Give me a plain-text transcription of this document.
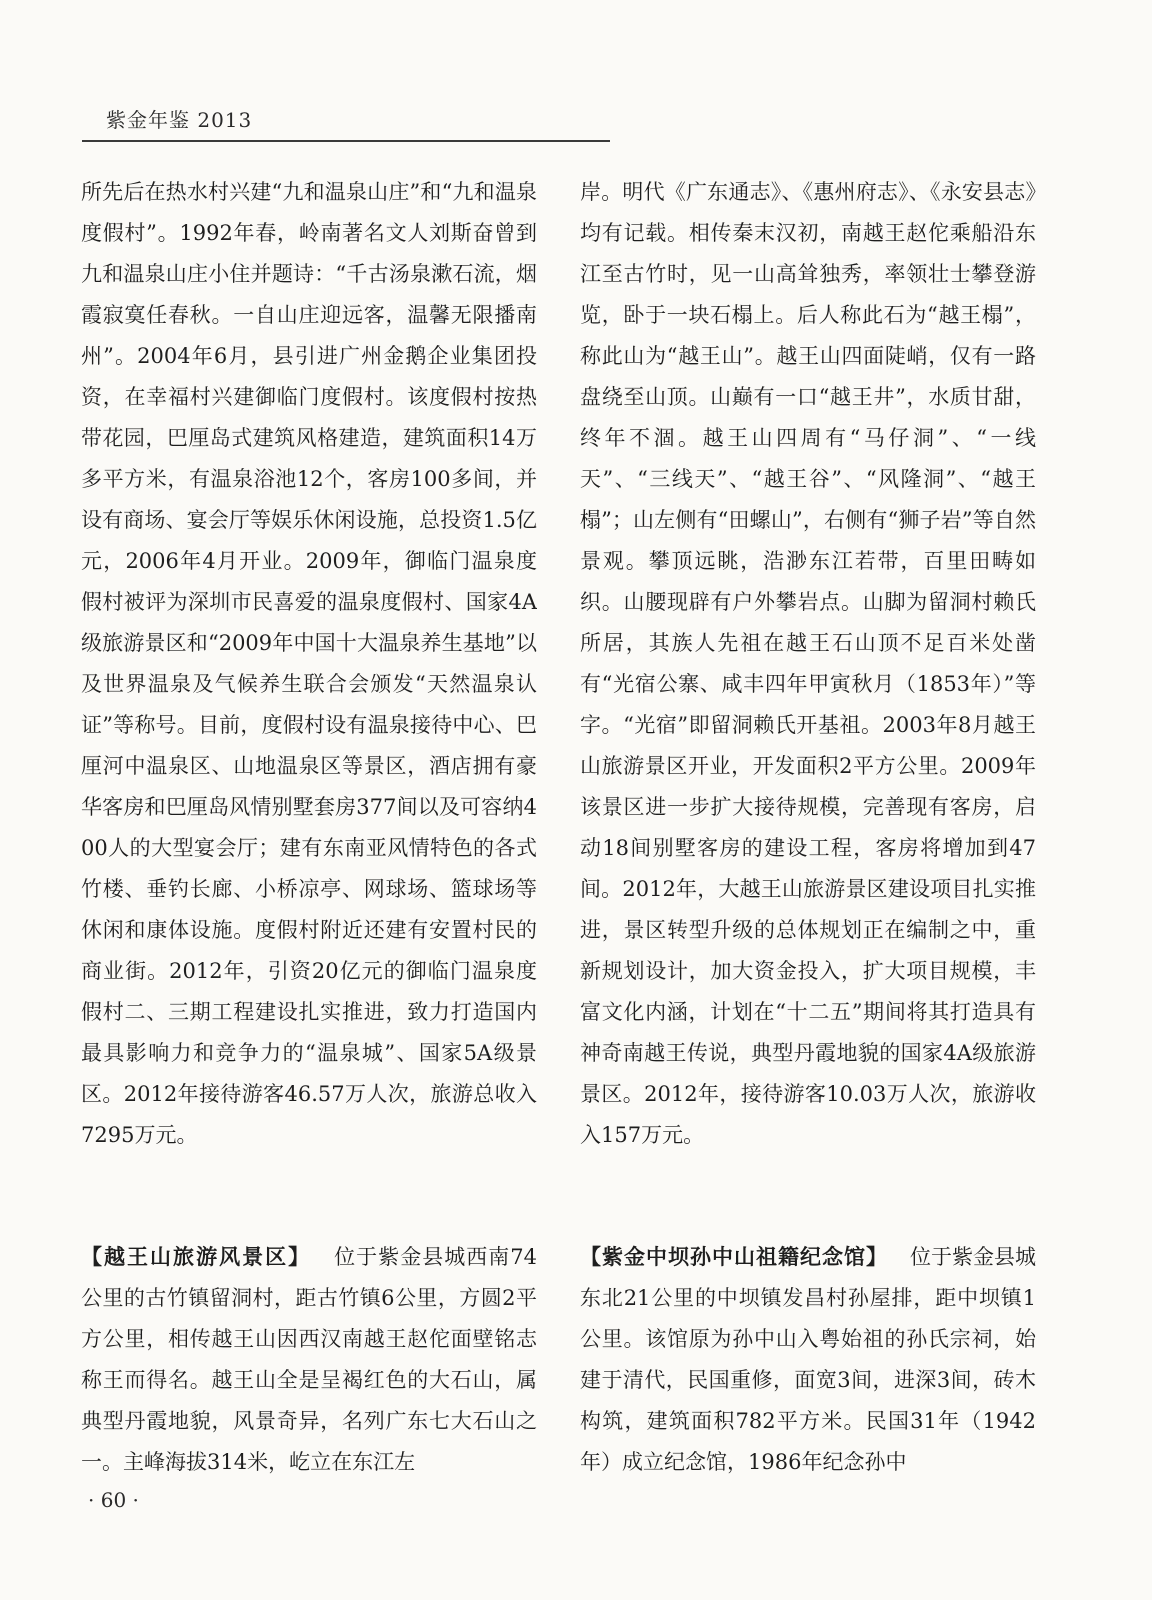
紫金年鉴 2013

所先后在热水村兴建“九和温泉山庄”和“九和温泉度假村”。1992年春，岭南著名文人刘斯奋曾到九和温泉山庄小住并题诗：“千古汤泉漱石流，烟霞寂寞任春秋。一自山庄迎远客，温馨无限播南州”。2004年6月，县引进广州金鹅企业集团投资，在幸福村兴建御临门度假村。该度假村按热带花园，巴厘岛式建筑风格建造，建筑面积14万多平方米，有温泉浴池12个，客房100多间，并设有商场、宴会厅等娱乐休闲设施，总投资1.5亿元，2006年4月开业。2009年，御临门温泉度假村被评为深圳市民喜爱的温泉度假村、国家4A级旅游景区和“2009年中国十大温泉养生基地”以及世界温泉及气候养生联合会颁发“天然温泉认证”等称号。目前，度假村设有温泉接待中心、巴厘河中温泉区、山地温泉区等景区，酒店拥有豪华客房和巴厘岛风情别墅套房377间以及可容纳400人的大型宴会厅；建有东南亚风情特色的各式竹楼、垂钓长廊、小桥凉亭、网球场、篮球场等休闲和康体设施。度假村附近还建有安置村民的商业街。2012年，引资20亿元的御临门温泉度假村二、三期工程建设扎实推进，致力打造国内最具影响力和竞争力的“温泉城”、国家5A级景区。2012年接待游客46.57万人次，旅游总收入7295万元。

岸。明代《广东通志》、《惠州府志》、《永安县志》均有记载。相传秦末汉初，南越王赵佗乘船沿东江至古竹时，见一山高耸独秀，率领壮士攀登游览，卧于一块石榻上。后人称此石为“越王榻”，称此山为“越王山”。越王山四面陡峭，仅有一路盘绕至山顶。山巅有一口“越王井”，水质甘甜，终年不涸。越王山四周有“马仔洞”、“一线天”、“三线天”、“越王谷”、“风隆洞”、“越王榻”；山左侧有“田螺山”，右侧有“狮子岩”等自然景观。攀顶远眺，浩渺东江若带，百里田畴如织。山腰现辟有户外攀岩点。山脚为留洞村赖氏所居，其族人先祖在越王石山顶不足百米处凿有“光宿公寨、咸丰四年甲寅秋月（1853年）”等字。“光宿”即留洞赖氏开基祖。2003年8月越王山旅游景区开业，开发面积2平方公里。2009年该景区进一步扩大接待规模，完善现有客房，启动18间别墅客房的建设工程，客房将增加到47间。2012年，大越王山旅游景区建设项目扎实推进，景区转型升级的总体规划正在编制之中，重新规划设计，加大资金投入，扩大项目规模，丰富文化内涵，计划在“十二五”期间将其打造具有神奇南越王传说，典型丹霞地貌的国家4A级旅游景区。2012年，接待游客10.03万人次，旅游收入157万元。

【越王山旅游风景区】 位于紫金县城西南74公里的古竹镇留洞村，距古竹镇6公里，方圆2平方公里，相传越王山因西汉南越王赵佗面壁铭志称王而得名。越王山全是呈褐红色的大石山，属典型丹霞地貌，风景奇异，名列广东七大石山之一。主峰海拔314米，屹立在东江左

【紫金中坝孙中山祖籍纪念馆】 位于紫金县城东北21公里的中坝镇发昌村孙屋排，距中坝镇1公里。该馆原为孙中山入粤始祖的孙氏宗祠，始建于清代，民国重修，面宽3间，进深3间，砖木构筑，建筑面积782平方米。民国31年（1942年）成立纪念馆，1986年纪念孙中

· 60 ·
